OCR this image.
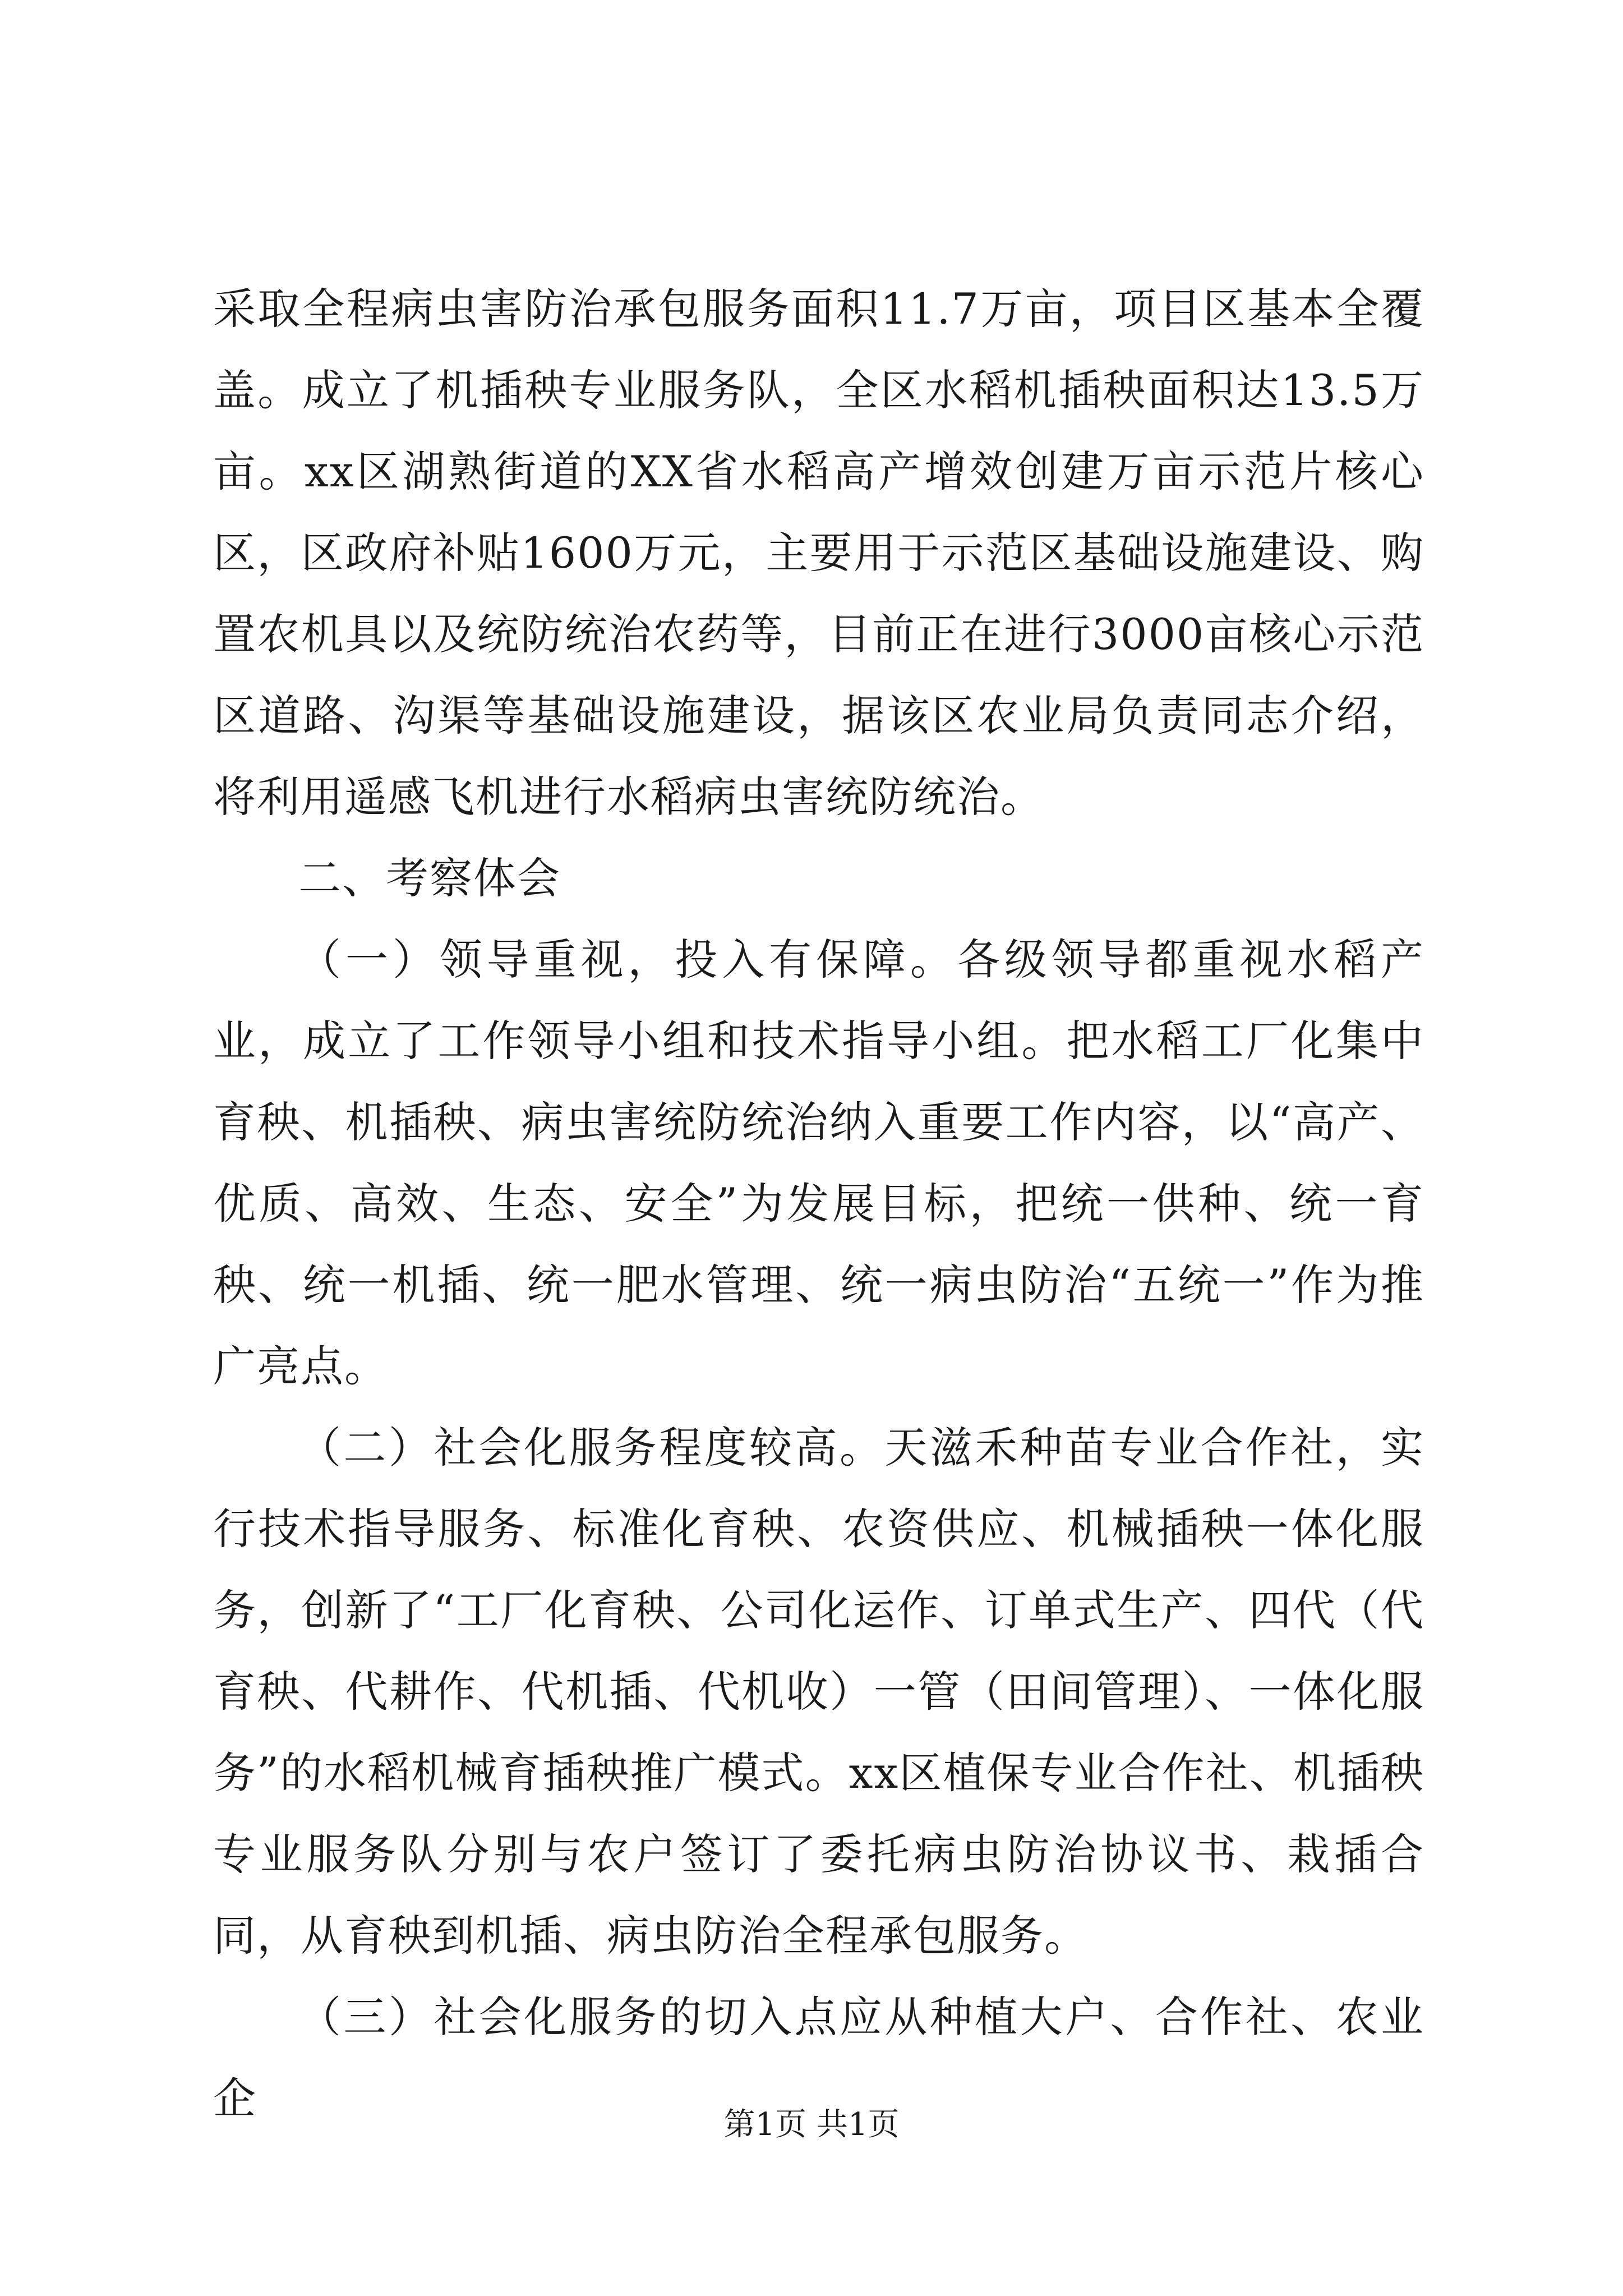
采取全程病虫害防治承包服务面积11.7万亩，项目区基本全覆盖。成立了机插秧专业服务队，全区水稻机插秧面积达13.5万亩。xx区湖熟街道的XX省水稻高产增效创建万亩示范片核心区，区政府补贴1600万元，主要用于示范区基础设施建设、购置农机具以及统防统治农药等，目前正在进行3000亩核心示范区道路、沟渠等基础设施建设，据该区农业局负责同志介绍，将利用遥感飞机进行水稻病虫害统防统治。

二、考察体会

（一）领导重视，投入有保障。各级领导都重视水稻产业，成立了工作领导小组和技术指导小组。把水稻工厂化集中育秧、机插秧、病虫害统防统治纳入重要工作内容，以“高产、优质、高效、生态、安全”为发展目标，把统一供种、统一育秧、统一机插、统一肥水管理、统一病虫防治“五统一”作为推广亮点。

（二）社会化服务程度较高。天滋禾种苗专业合作社，实行技术指导服务、标准化育秧、农资供应、机械插秧一体化服务，创新了“工厂化育秧、公司化运作、订单式生产、四代（代育秧、代耕作、代机插、代机收）一管（田间管理）、一体化服务”的水稻机械育插秧推广模式。xx区植保专业合作社、机插秧专业服务队分别与农户签订了委托病虫防治协议书、栽插合同，从育秧到机插、病虫防治全程承包服务。

（三）社会化服务的切入点应从种植大户、合作社、农业企

第1页 共1页
